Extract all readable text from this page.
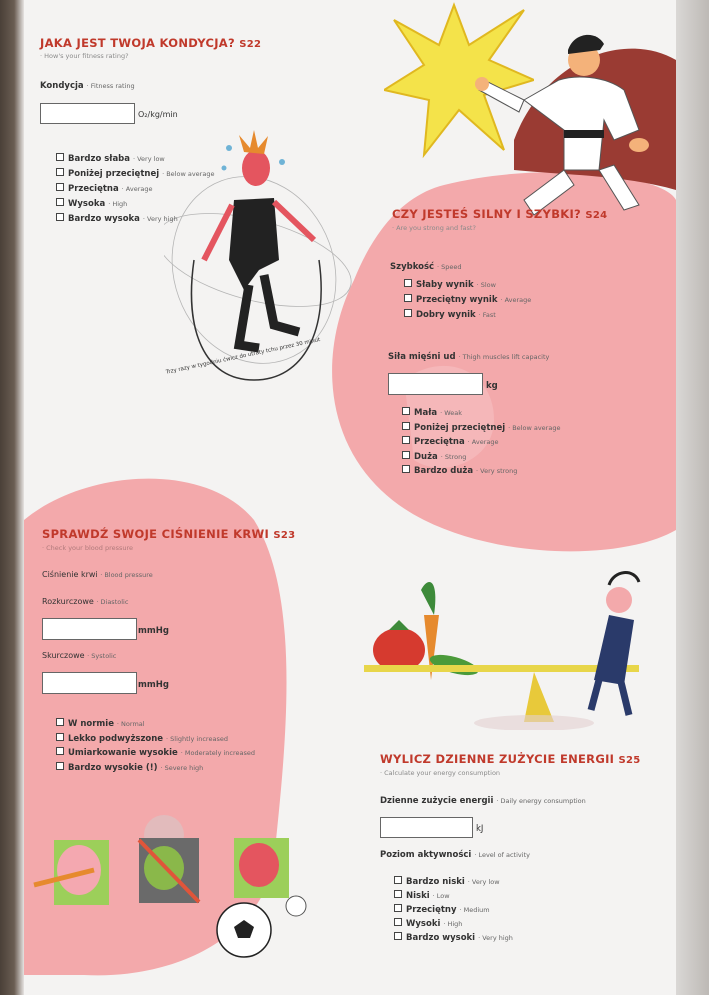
Trzy razy w tygodniu ćwicz do utraty tchu przez 30 minut
JAKA JEST TWOJA KONDYCJA? S22
· How's your fitness rating?
Kondycja · Fitness rating
O₂/kg/min
Bardzo słaba · Very low
Poniżej przeciętnej · Below average
Przeciętna · Average
Wysoka · High
Bardzo wysoka · Very high	CZY JESTEŚ SILNY I SZYBKI? S24
· Are you strong and fast?
Szybkość · Speed
Słaby wynik · Slow
Przeciętny wynik · Average
Dobry wynik · Fast
Siła mięśni ud · Thigh muscles lift capacity
kg
Mała · Weak
Poniżej przeciętnej · Below average
Przeciętna · Average
Duża · Strong
Bardzo duża · Very strong
SPRAWDŹ SWOJE CIŚNIENIE KRWI S23
· Check your blood pressure
Ciśnienie krwi · Blood pressure
Rozkurczowe · Diastolic
mmHg
Skurczowe · Systolic
mmHg
W normie · Normal
Lekko podwyższone · Slightly increased
Umiarkowanie wysokie · Moderately increased
Bardzo wysokie (!) · Severe high
WYLICZ DZIENNE ZUŻYCIE ENERGII S25
· Calculate your energy consumption
Dzienne zużycie energii · Daily energy consumption
kJ
Poziom aktywności · Level of activity
Bardzo niski · Very low
Niski · Low
Przeciętny · Medium
Wysoki · High
Bardzo wysoki · Very high
